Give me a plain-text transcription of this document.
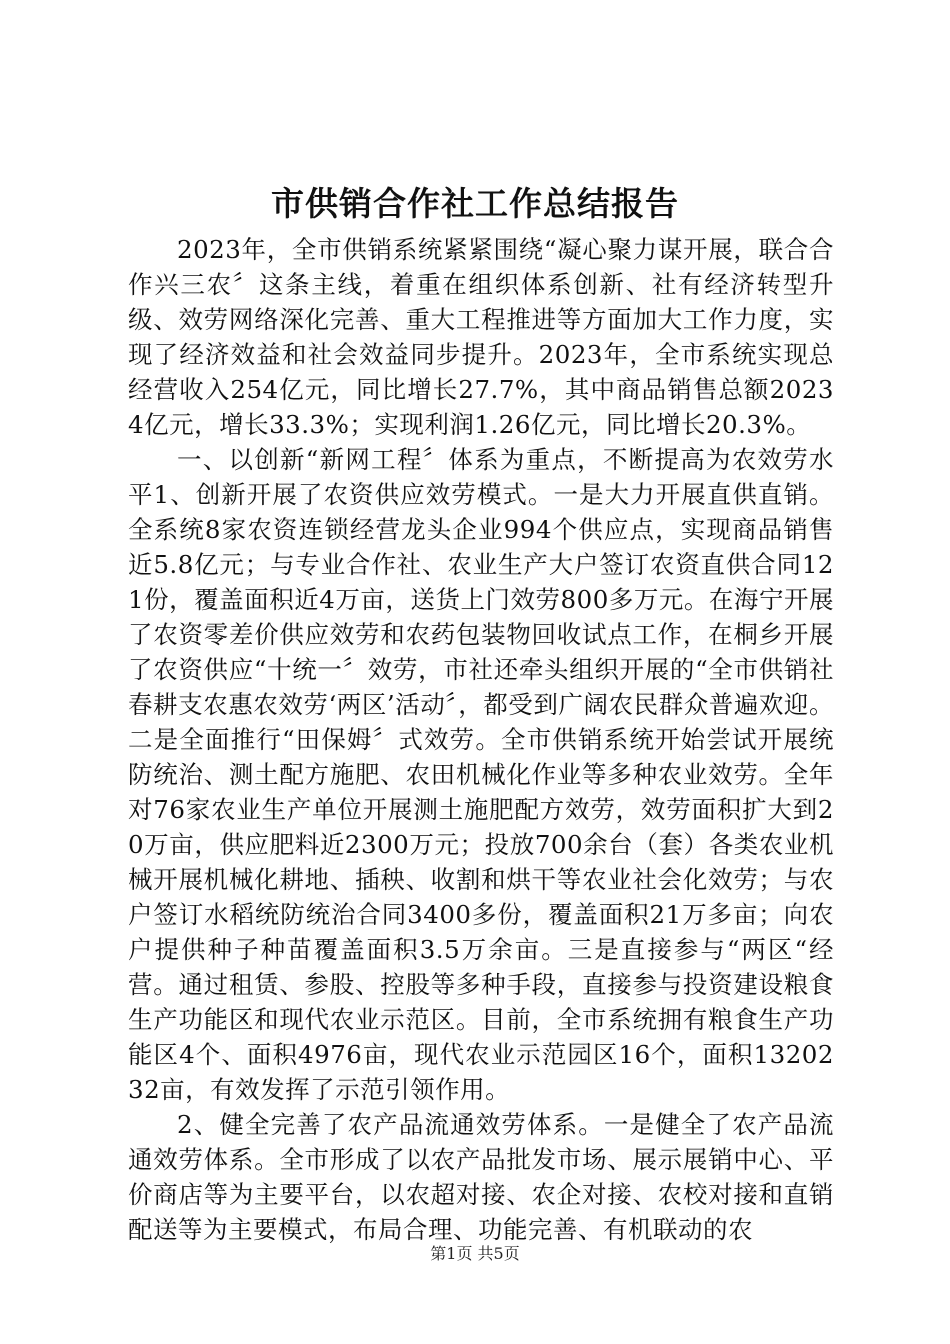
市供销合作社工作总结报告

2023年，全市供销系统紧紧围绕“凝心聚力谋开展，联合合作兴三农〞这条主线，着重在组织体系创新、社有经济转型升级、效劳网络深化完善、重大工程推进等方面加大工作力度，实现了经济效益和社会效益同步提升。2023年，全市系统实现总经营收入254亿元，同比增长27.7%，其中商品销售总额20234亿元，增长33.3%；实现利润1.26亿元，同比增长20.3%。

一、以创新“新网工程〞体系为重点，不断提高为农效劳水平1、创新开展了农资供应效劳模式。一是大力开展直供直销。全系统8家农资连锁经营龙头企业994个供应点，实现商品销售近5.8亿元；与专业合作社、农业生产大户签订农资直供合同121份，覆盖面积近4万亩，送货上门效劳800多万元。在海宁开展了农资零差价供应效劳和农药包装物回收试点工作，在桐乡开展了农资供应“十统一〞效劳，市社还牵头组织开展的“全市供销社春耕支农惠农效劳‘两区’活动〞，都受到广阔农民群众普遍欢迎。二是全面推行“田保姆〞式效劳。全市供销系统开始尝试开展统防统治、测土配方施肥、农田机械化作业等多种农业效劳。全年对76家农业生产单位开展测土施肥配方效劳，效劳面积扩大到20万亩，供应肥料近2300万元；投放700余台（套）各类农业机械开展机械化耕地、插秧、收割和烘干等农业社会化效劳；与农户签订水稻统防统治合同3400多份，覆盖面积21万多亩；向农户提供种子种苗覆盖面积3.5万余亩。三是直接参与“两区“经营。通过租赁、参股、控股等多种手段，直接参与投资建设粮食生产功能区和现代农业示范区。目前，全市系统拥有粮食生产功能区4个、面积4976亩，现代农业示范园区16个，面积1320232亩，有效发挥了示范引领作用。

2、健全完善了农产品流通效劳体系。一是健全了农产品流通效劳体系。全市形成了以农产品批发市场、展示展销中心、平价商店等为主要平台，以农超对接、农企对接、农校对接和直销配送等为主要模式，布局合理、功能完善、有机联动的农

第1页 共5页
